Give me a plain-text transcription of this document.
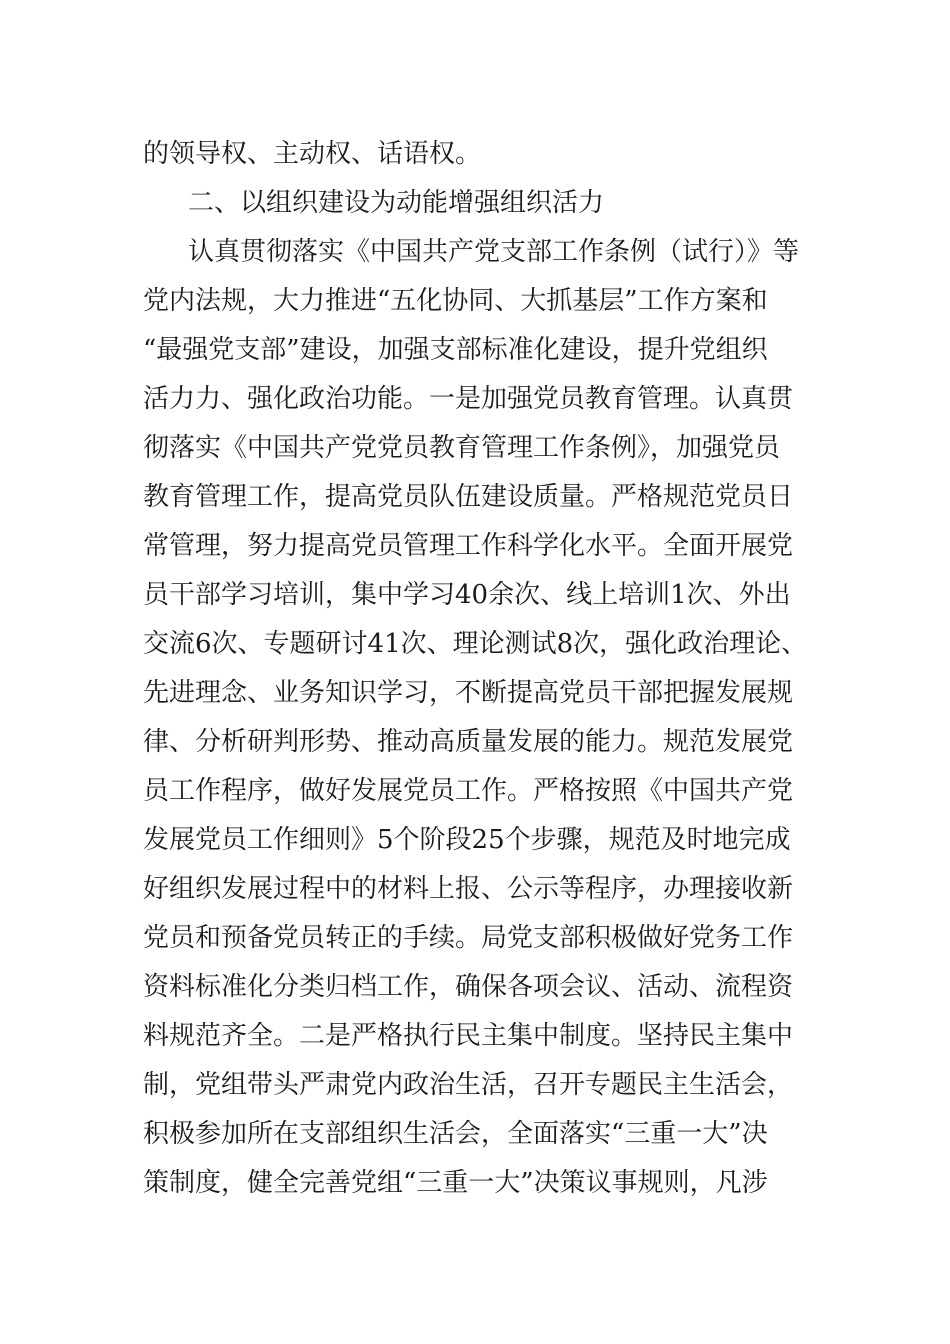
的领导权、主动权、话语权。

二、以组织建设为动能增强组织活力

认真贯彻落实《中国共产党支部工作条例（试行）》等

党内法规，大力推进“五化协同、大抓基层”工作方案和

“最强党支部”建设，加强支部标准化建设，提升党组织

活力力、强化政治功能。一是加强党员教育管理。认真贯

彻落实《中国共产党党员教育管理工作条例》，加强党员

教育管理工作，提高党员队伍建设质量。严格规范党员日

常管理，努力提高党员管理工作科学化水平。全面开展党

员干部学习培训，集中学习40余次、线上培训1次、外出

交流6次、专题研讨41次、理论测试8次，强化政治理论、

先进理念、业务知识学习，不断提高党员干部把握发展规

律、分析研判形势、推动高质量发展的能力。规范发展党

员工作程序，做好发展党员工作。严格按照《中国共产党

发展党员工作细则》5个阶段25个步骤，规范及时地完成

好组织发展过程中的材料上报、公示等程序，办理接收新

党员和预备党员转正的手续。局党支部积极做好党务工作

资料标准化分类归档工作，确保各项会议、活动、流程资

料规范齐全。二是严格执行民主集中制度。坚持民主集中

制，党组带头严肃党内政治生活，召开专题民主生活会，

积极参加所在支部组织生活会，全面落实“三重一大”决

策制度，健全完善党组“三重一大”决策议事规则，凡涉
